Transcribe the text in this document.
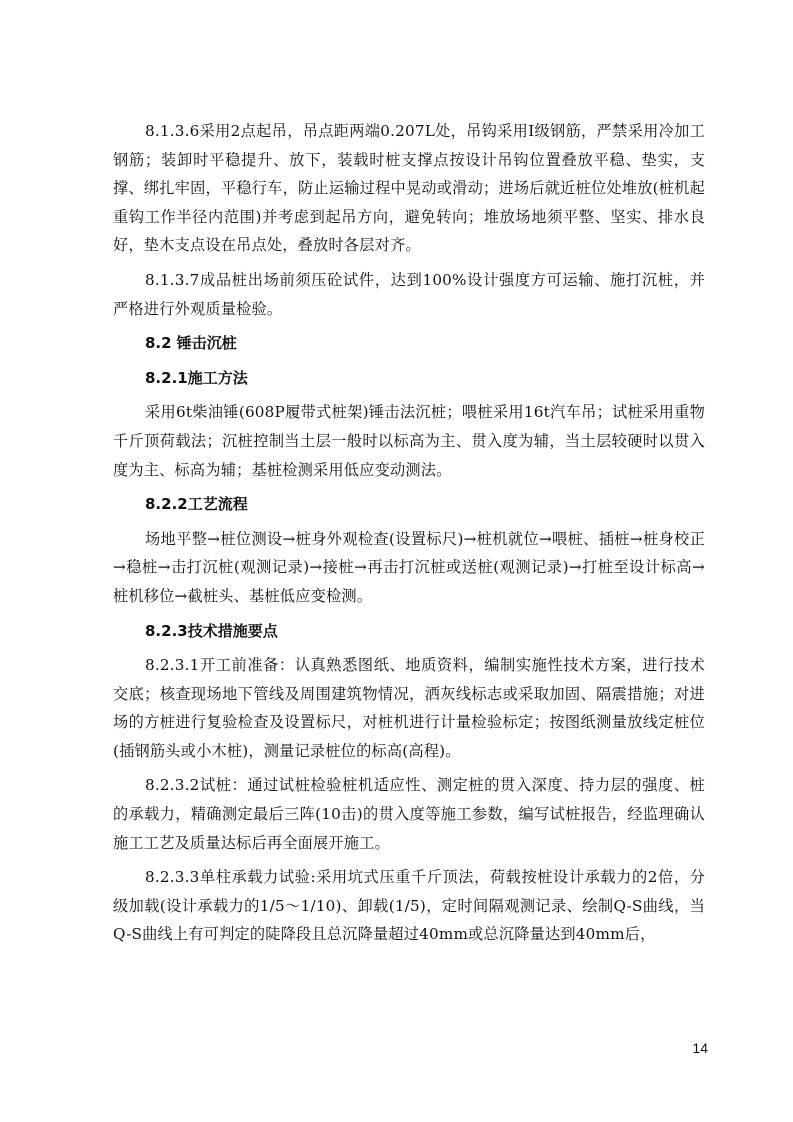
8.1.3.6采用2点起吊，吊点距两端0.207L处，吊钩采用Ⅰ级钢筋，严禁采用冷加工钢筋；装卸时平稳提升、放下，装载时桩支撑点按设计吊钩位置叠放平稳、垫实，支撑、绑扎牢固，平稳行车，防止运输过程中晃动或滑动；进场后就近桩位处堆放(桩机起重钩工作半径内范围)并考虑到起吊方向，避免转向；堆放场地须平整、坚实、排水良好，垫木支点设在吊点处，叠放时各层对齐。

8.1.3.7成品桩出场前须压砼试件，达到100%设计强度方可运输、施打沉桩，并严格进行外观质量检验。

8.2 锤击沉桩

8.2.1施工方法

采用6t柴油锤(608P履带式桩架)锤击法沉桩；喂桩采用16t汽车吊；试桩采用重物千斤顶荷载法；沉桩控制当土层一般时以标高为主、贯入度为辅，当土层较硬时以贯入度为主、标高为辅；基桩检测采用低应变动测法。

8.2.2工艺流程

场地平整→桩位测设→桩身外观检查(设置标尺)→桩机就位→喂桩、插桩→桩身校正→稳桩→击打沉桩(观测记录)→接桩→再击打沉桩或送桩(观测记录)→打桩至设计标高→桩机移位→截桩头、基桩低应变检测。

8.2.3技术措施要点

8.2.3.1开工前准备：认真熟悉图纸、地质资料，编制实施性技术方案，进行技术交底；核查现场地下管线及周围建筑物情况，洒灰线标志或采取加固、隔震措施；对进场的方桩进行复验检查及设置标尺，对桩机进行计量检验标定；按图纸测量放线定桩位(插钢筋头或小木桩)，测量记录桩位的标高(高程)。

8.2.3.2试桩：通过试桩检验桩机适应性、测定桩的贯入深度、持力层的强度、桩的承载力，精确测定最后三阵(10击)的贯入度等施工参数，编写试桩报告，经监理确认施工工艺及质量达标后再全面展开施工。

8.2.3.3单柱承载力试验:采用坑式压重千斤顶法，荷载按桩设计承载力的2倍，分级加载(设计承载力的1/5～1/10)、卸载(1/5)，定时间隔观测记录、绘制Q-S曲线，当Q-S曲线上有可判定的陡降段且总沉降量超过40mm或总沉降量达到40mm后，

14
